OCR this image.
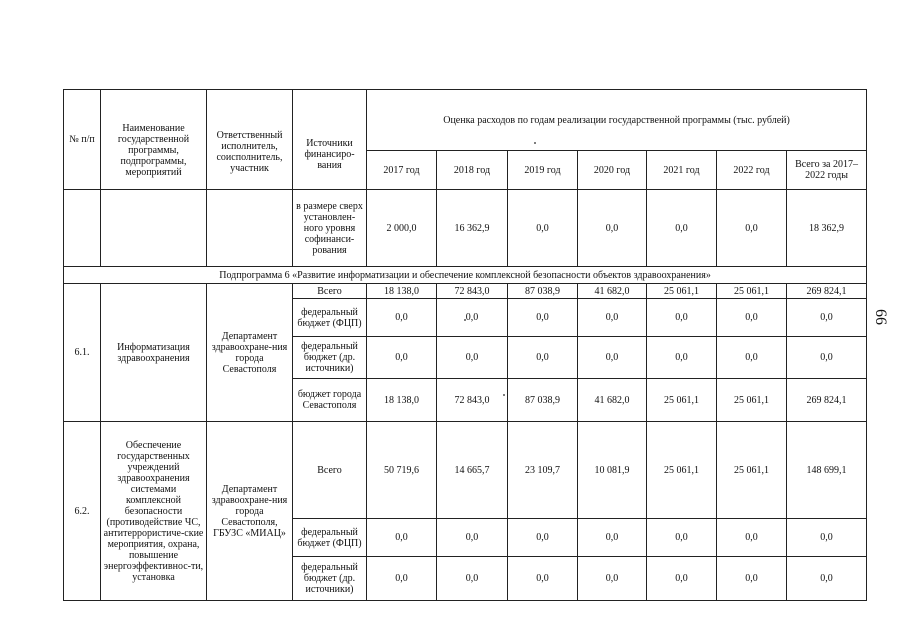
№ п/п	Наименование государственной программы, подпрограммы, мероприятий	Ответственный исполнитель, соисполнитель, участник	Источники финансиро-вания	Оценка расходов по годам реализации государственной программы (тыс. рублей)						
				2017 год	2018 год	2019 год	2020 год	2021 год	2022 год	Всего за 2017–2022 годы
			в размере сверх установлен-ного уровня софинанси-рования	2 000,0	16 362,9	0,0	0,0	0,0	0,0	18 362,9
Подпрограмма 6 «Развитие информатизации и обеспечение комплексной безопасности объектов здравоохранения»										
6.1.	Информатизация здравоохранения	Департамент здравоохране-ния города Севастополя	Всего	18 138,0	72 843,0	87 038,9	41 682,0	25 061,1	25 061,1	269 824,1
			федеральный бюджет (ФЦП)	0,0	0,0	0,0	0,0	0,0	0,0	0,0
			федеральный бюджет (др. источники)	0,0	0,0	0,0	0,0	0,0	0,0	0,0
			бюджет города Севастополя	18 138,0	72 843,0	87 038,9	41 682,0	25 061,1	25 061,1	269 824,1
6.2.	Обеспечение государственных учреждений здравоохранения системами комплексной безопасности (противодействие ЧС, антитеррористиче-ские мероприятия, охрана, повышение энергоэффективнос-ти, установка	Департамент здравоохране-ния города Севастополя, ГБУЗС «МИАЦ»	Всего	50 719,6	14 665,7	23 109,7	10 081,9	25 061,1	25 061,1	148 699,1
			федеральный бюджет (ФЦП)	0,0	0,0	0,0	0,0	0,0	0,0	0,0
			федеральный бюджет (др. источники)	0,0	0,0	0,0	0,0	0,0	0,0	0,0
66
